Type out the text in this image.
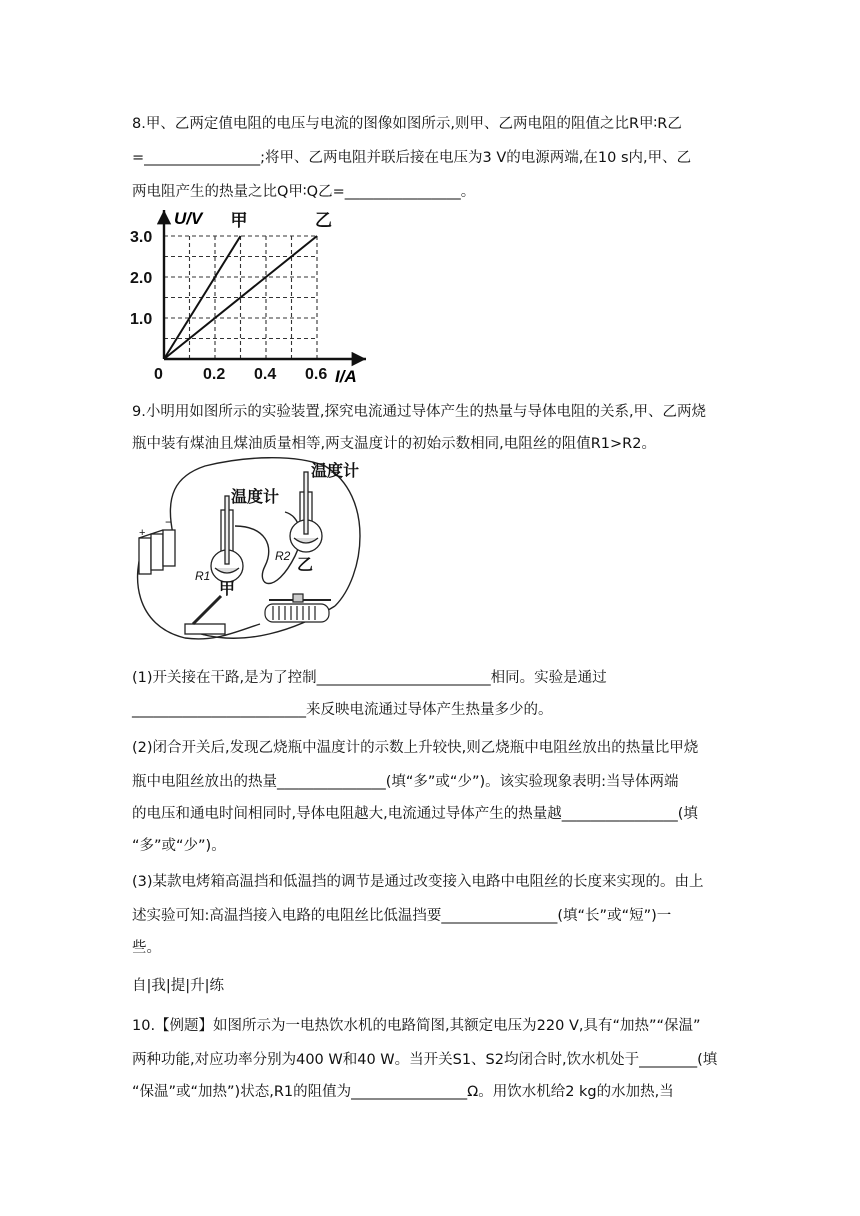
8.甲、乙两定值电阻的电压与电流的图像如图所示,则甲、乙两电阻的阻值之比R甲∶R乙
=________________;将甲、乙两电阻并联后接在电压为3 V的电源两端,在10 s内,甲、乙
两电阻产生的热量之比Q甲∶Q乙=________________。
甲	乙
0	0.2 0.4 0.6
1.0
2.0
3.0
U/V
I/A
9.小明用如图所示的实验装置,探究电流通过导体产生的热量与导体电阻的关系,甲、乙两烧
瓶中装有煤油且煤油质量相等,两支温度计的初始示数相同,电阻丝的阻值R1>R2。
+
−
温度计
温度计
R1
R2
甲
乙
(1)开关接在干路,是为了控制________________________相同。实验是通过
________________________来反映电流通过导体产生热量多少的。
(2)闭合开关后,发现乙烧瓶中温度计的示数上升较快,则乙烧瓶中电阻丝放出的热量比甲烧
瓶中电阻丝放出的热量_______________(填“多”或“少”)。该实验现象表明:当导体两端
的电压和通电时间相同时,导体电阻越大,电流通过导体产生的热量越________________(填
“多”或“少”)。
(3)某款电烤箱高温挡和低温挡的调节是通过改变接入电路中电阻丝的长度来实现的。由上
述实验可知:高温挡接入电路的电阻丝比低温挡要________________(填“长”或“短”)一
些。
自|我|提|升|练
10.【例题】如图所示为一电热饮水机的电路简图,其额定电压为220 V,具有“加热”“保温”
两种功能,对应功率分别为400 W和40 W。当开关S1、S2均闭合时,饮水机处于________(填
“保温”或“加热”)状态,R1的阻值为________________Ω。用饮水机给2 kg的水加热,当
